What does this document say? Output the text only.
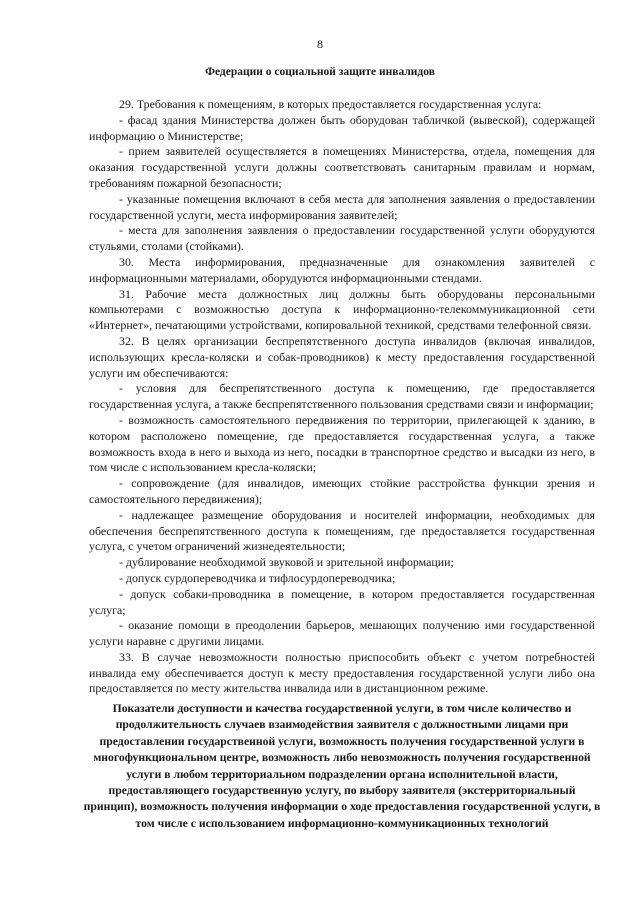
8
Федерации о социальной защите инвалидов

29. Требования к помещениям, в которых предоставляется государственная услуга:

- фасад здания Министерства должен быть оборудован табличкой (вывеской), содержащей информацию о Министерстве;

- прием заявителей осуществляется в помещениях Министерства, отдела, помещения для оказания государственной услуги должны соответствовать санитарным правилам и нормам, требованиям пожарной безопасности;

- указанные помещения включают в себя места для заполнения заявления о предоставлении государственной услуги, места информирования заявителей;

- места для заполнения заявления о предоставлении государственной услуги оборудуются стульями, столами (стойками).

30. Места информирования, предназначенные для ознакомления заявителей с информационными материалами, оборудуются информационными стендами.

31. Рабочие места должностных лиц должны быть оборудованы персональными компьютерами с возможностью доступа к информационно-телекоммуникационной сети «Интернет», печатающими устройствами, копировальной техникой, средствами телефонной связи.

32. В целях организации беспрепятственного доступа инвалидов (включая инвалидов, использующих кресла-коляски и собак-проводников) к месту предоставления государственной услуги им обеспечиваются:

- условия для беспрепятственного доступа к помещению, где предоставляется государственная услуга, а также беспрепятственного пользования средствами связи и информации;

- возможность самостоятельного передвижения по территории, прилегающей к зданию, в котором расположено помещение, где предоставляется государственная услуга, а также возможность входа в него и выхода из него, посадки в транспортное средство и высадки из него, в том числе с использованием кресла-коляски;

- сопровождение (для инвалидов, имеющих стойкие расстройства функции зрения и самостоятельного передвижения);

- надлежащее размещение оборудования и носителей информации, необходимых для обеспечения беспрепятственного доступа к помещениям, где предоставляется государственная услуга, с учетом ограничений жизнедеятельности;

- дублирование необходимой звуковой и зрительной информации;

- допуск сурдопереводчика и тифлосурдопереводчика;

- допуск собаки-проводника в помещение, в котором предоставляется государственная услуга;

- оказание помощи в преодолении барьеров, мешающих получению ими государственной услуги наравне с другими лицами.

33. В случае невозможности полностью приспособить объект с учетом потребностей инвалида ему обеспечивается доступ к месту предоставления государственной услуги либо она предоставляется по месту жительства инвалида или в дистанционном режиме.

Показатели доступности и качества государственной услуги, в том числе количество и продолжительность случаев взаимодействия заявителя с должностными лицами при предоставлении государственной услуги, возможность получения государственной услуги в многофункциональном центре, возможность либо невозможность получения государственной услуги в любом территориальном подразделении органа исполнительной власти, предоставляющего государственную услугу, по выбору заявителя (экстерриториальный принцип), возможность получения информации о ходе предоставления государственной услуги, в том числе с использованием информационно-коммуникационных технологий
